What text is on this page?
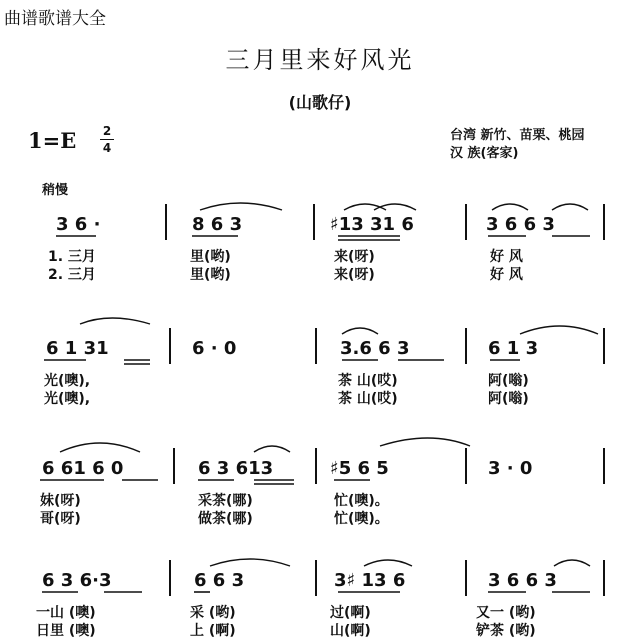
曲谱歌谱大全
三月里来好风光
(山歌仔)
1=E 2
4
台湾 新竹、苗栗、桃园
汉 族(客家)
稍慢
3 6 ·	8 6 3	♯13 31 6	3 6 6 3
1. 三月	里(哟)	来(呀)	好 风
2. 三月	里(哟)	来(呀)	好 风
6 1 31	6 · 0	3.6 6 3	6 1 3
光(噢),	茶 山(哎)	阿(嗡)
光(噢),	茶 山(哎)	阿(嗡)
6 61 6 0	6 3 613	♯5 6 5	3 · 0
妹(呀)	采茶(哪)	忙(噢)。
哥(呀)	做茶(哪)	忙(噢)。
6 3 6·3	6 6 3	3♯ 13 6	3 6 6 3
一山 (噢)	采 (哟)	过(啊)	又一 (哟)
日里 (噢)	上 (啊)	山(啊)	铲茶 (哟)
